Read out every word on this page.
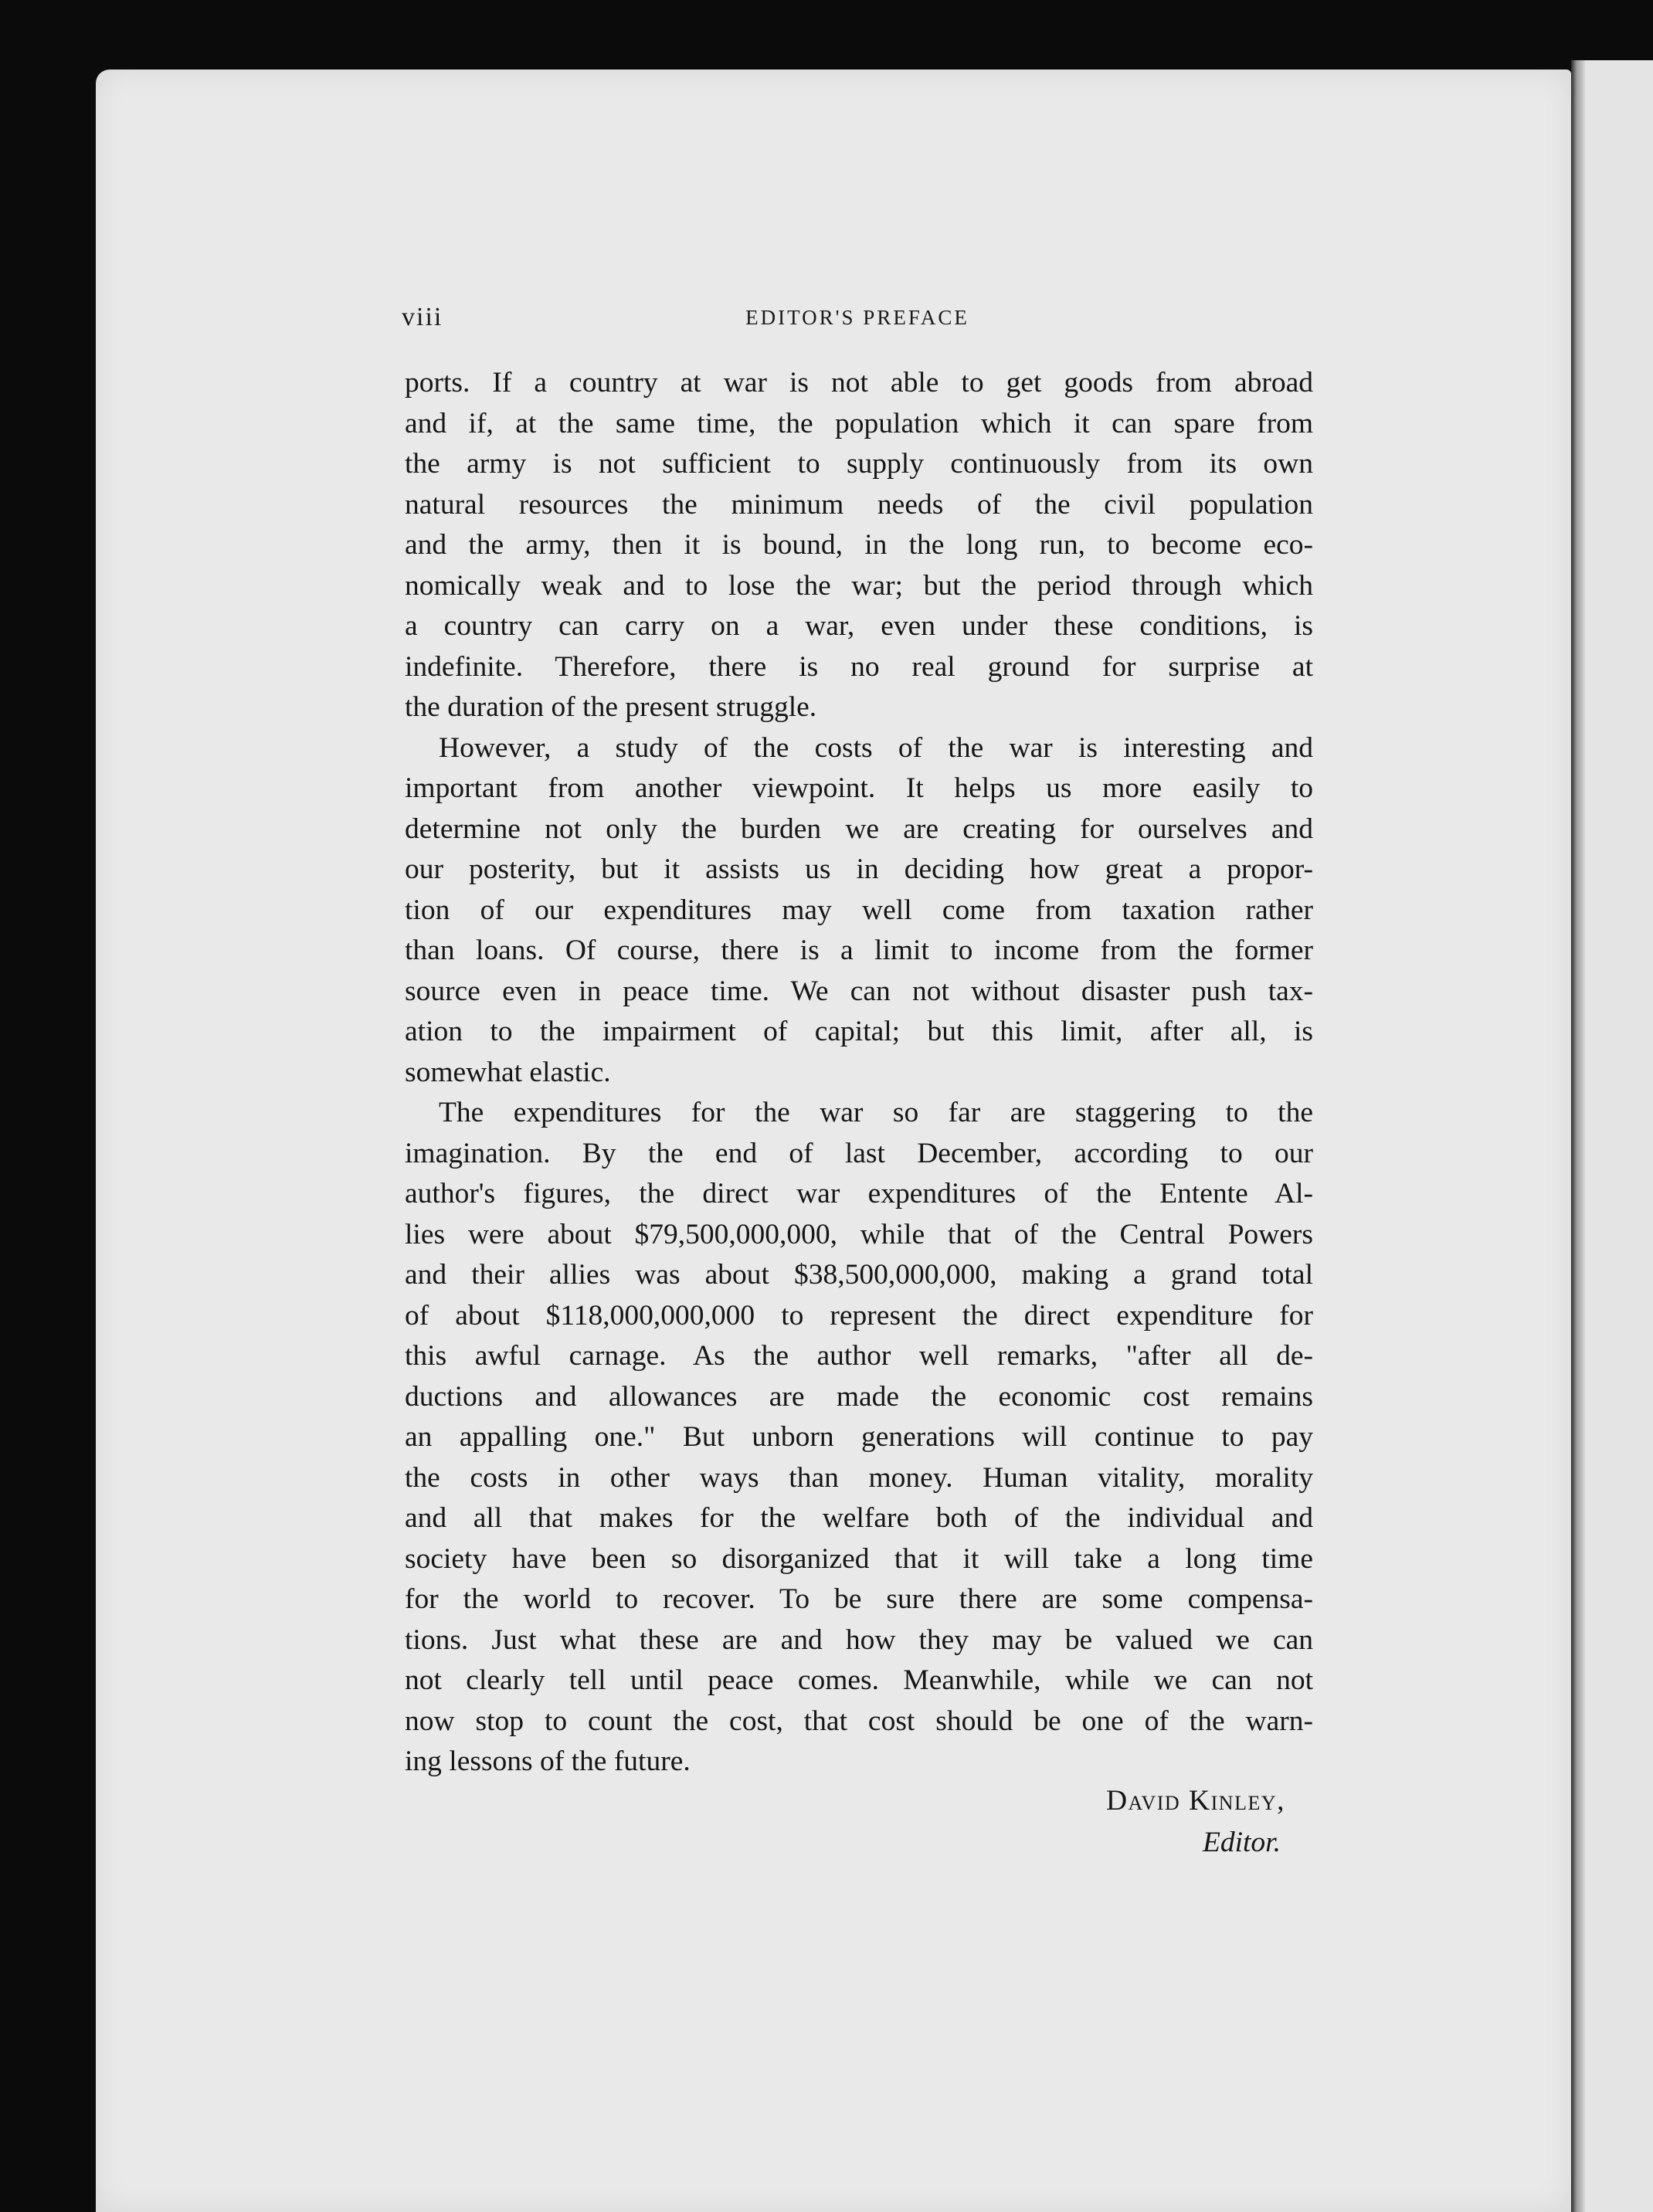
viii	EDITOR'S PREFACE
ports. If a country at war is not able to get goods from abroad
and if, at the same time, the population which it can spare from
the army is not sufficient to supply continuously from its own
natural resources the minimum needs of the civil population
and the army, then it is bound, in the long run, to become eco-
nomically weak and to lose the war; but the period through which
a country can carry on a war, even under these conditions, is
indefinite. Therefore, there is no real ground for surprise at
the duration of the present struggle.
However, a study of the costs of the war is interesting and
important from another viewpoint. It helps us more easily to
determine not only the burden we are creating for ourselves and
our posterity, but it assists us in deciding how great a propor-
tion of our expenditures may well come from taxation rather
than loans. Of course, there is a limit to income from the former
source even in peace time. We can not without disaster push tax-
ation to the impairment of capital; but this limit, after all, is
somewhat elastic.
The expenditures for the war so far are staggering to the
imagination. By the end of last December, according to our
author's figures, the direct war expenditures of the Entente Al-
lies were about $79,500,000,000, while that of the Central Powers
and their allies was about $38,500,000,000, making a grand total
of about $118,000,000,000 to represent the direct expenditure for
this awful carnage. As the author well remarks, "after all de-
ductions and allowances are made the economic cost remains
an appalling one." But unborn generations will continue to pay
the costs in other ways than money. Human vitality, morality
and all that makes for the welfare both of the individual and
society have been so disorganized that it will take a long time
for the world to recover. To be sure there are some compensa-
tions. Just what these are and how they may be valued we can
not clearly tell until peace comes. Meanwhile, while we can not
now stop to count the cost, that cost should be one of the warn-
ing lessons of the future.
David Kinley,
Editor.
